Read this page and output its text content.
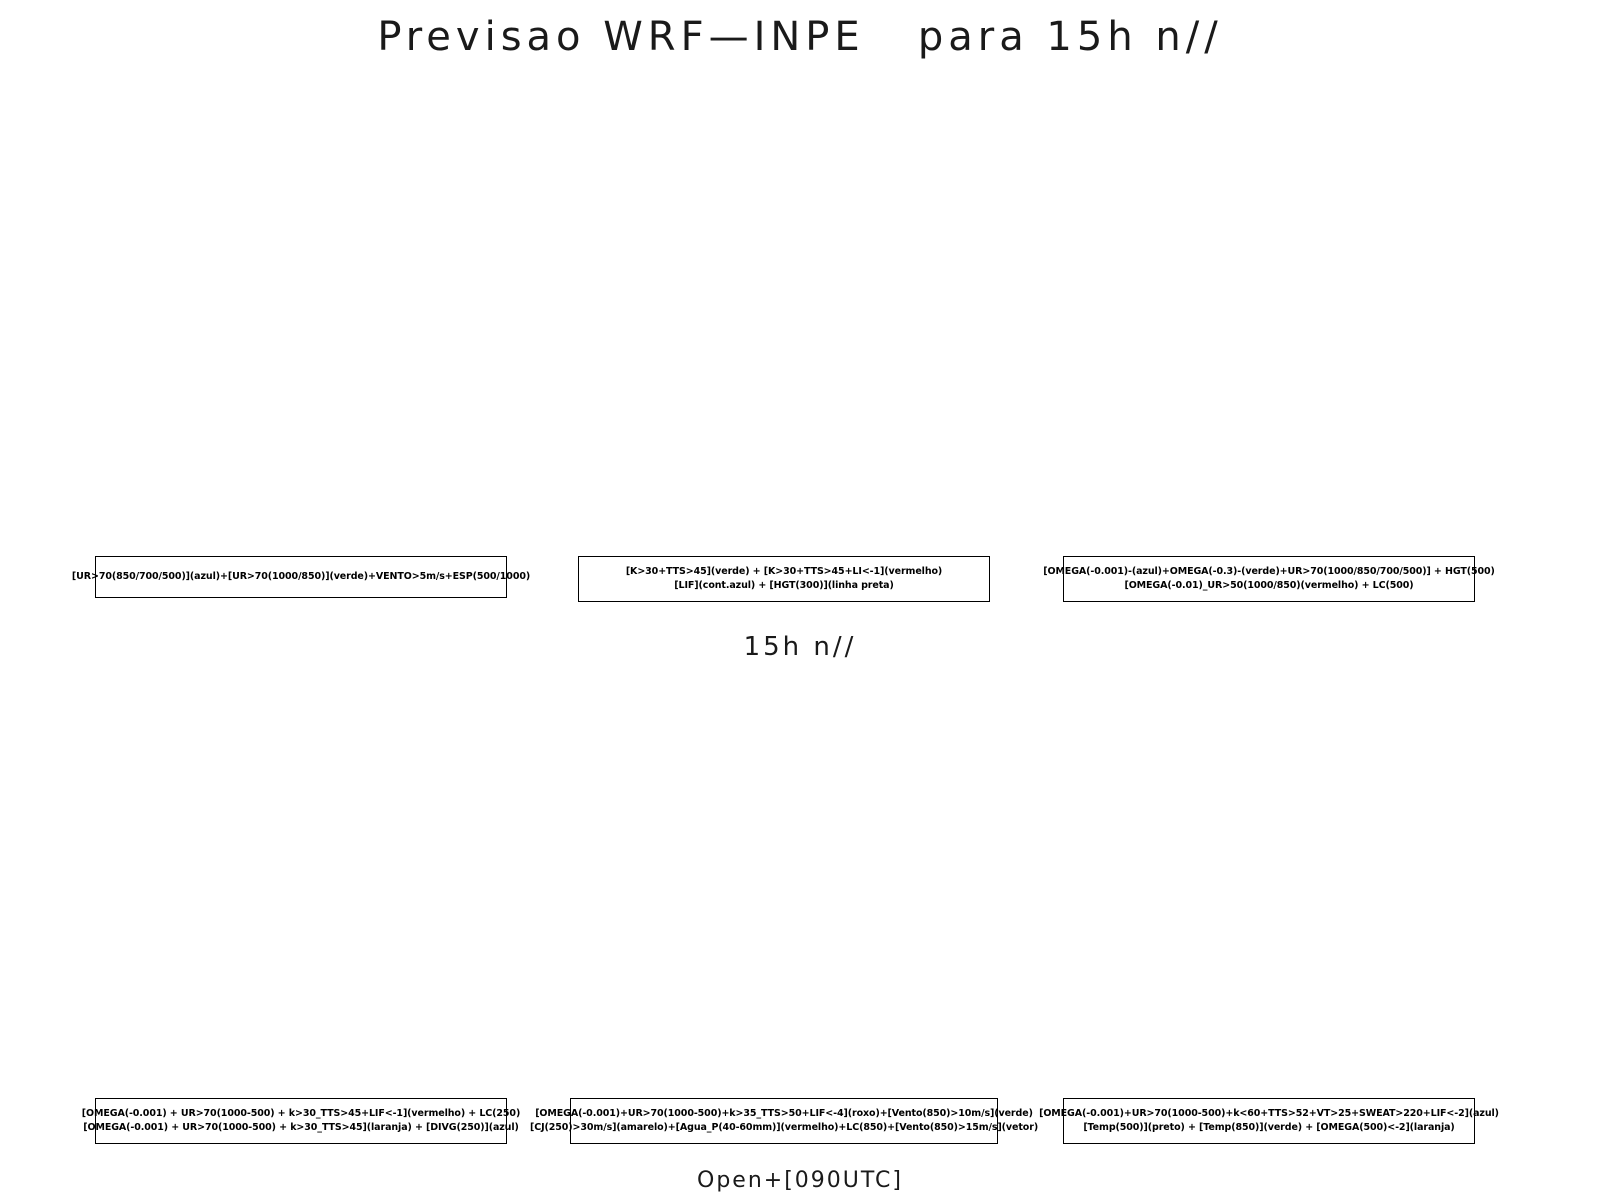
Previsao WRF—INPE   para 15h n//
[UR>70(850/700/500)](azul)+[UR>70(1000/850)](verde)+VENTO>5m/s+ESP(500/1000)	[K>30+TTS>45](verde) + [K>30+TTS>45+LI<-1](vermelho)
[LIF](cont.azul) + [HGT(300)](linha preta)
[OMEGA(-0.001)-(azul)+OMEGA(-0.3)-(verde)+UR>70(1000/850/700/500)] + HGT(500)
[OMEGA(-0.01)_UR>50(1000/850)(vermelho) + LC(500)
15h n//
[OMEGA(-0.001) + UR>70(1000-500) + k>30_TTS>45+LIF<-1](vermelho) + LC(250)
[OMEGA(-0.001) + UR>70(1000-500) + k>30_TTS>45](laranja) + [DIVG(250)](azul)
[OMEGA(-0.001)+UR>70(1000-500)+k>35_TTS>50+LIF<-4](roxo)+[Vento(850)>10m/s](verde)
[CJ(250)>30m/s](amarelo)+[Agua_P(40-60mm)](vermelho)+LC(850)+[Vento(850)>15m/s](vetor)
[OMEGA(-0.001)+UR>70(1000-500)+k<60+TTS>52+VT>25+SWEAT>220+LIF<-2](azul)
[Temp(500)](preto) + [Temp(850)](verde) + [OMEGA(500)<-2](laranja)
Open+[090UTC]
